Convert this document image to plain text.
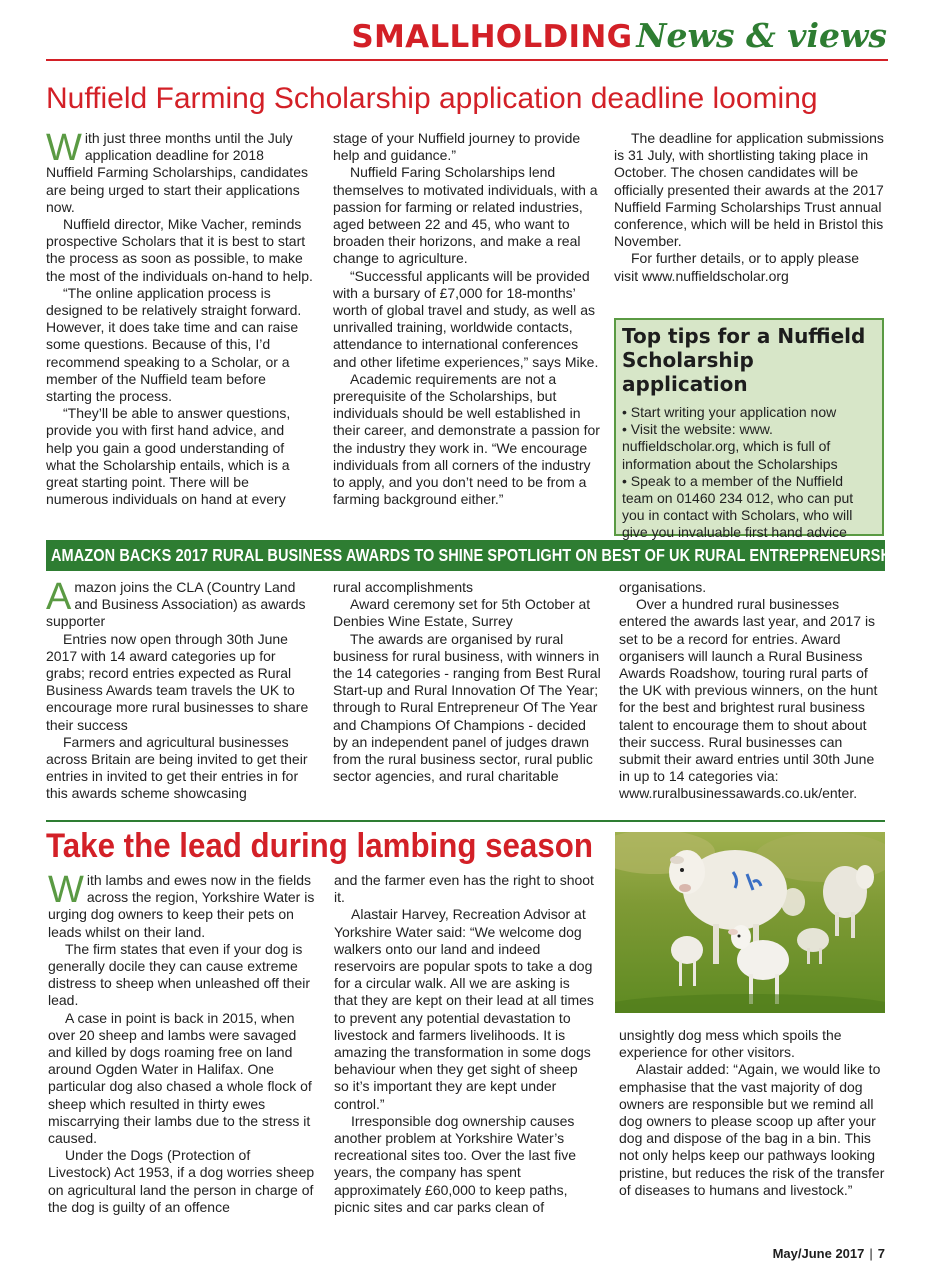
SMALLHOLDING News & views
Nuffield Farming Scholarship application deadline looming

With just three months until the July application deadline for 2018 Nuffield Farming Scholarships, candidates are being urged to start their applications now.

Nuffield director, Mike Vacher, reminds prospective Scholars that it is best to start the process as soon as possible, to make the most of the individuals on-hand to help.

“The online application process is designed to be relatively straight forward. However, it does take time and can raise some questions. Because of this, I’d recommend speaking to a Scholar, or a member of the Nuffield team before starting the process.

“They’ll be able to answer questions, provide you with first hand advice, and help you gain a good understanding of what the Scholarship entails, which is a great starting point. There will be numerous individuals on hand at every

stage of your Nuffield journey to provide help and guidance.”

Nuffield Faring Scholarships lend themselves to motivated individuals, with a passion for farming or related industries, aged between 22 and 45, who want to broaden their horizons, and make a real change to agriculture.

“Successful applicants will be provided with a bursary of £7,000 for 18-months’ worth of global travel and study, as well as unrivalled training, worldwide contacts, attendance to international conferences and other lifetime experiences,” says Mike.

Academic requirements are not a prerequisite of the Scholarships, but individuals should be well established in their career, and demonstrate a passion for the industry they work in. “We encourage individuals from all corners of the industry to apply, and you don’t need to be from a farming background either.”

The deadline for application submissions is 31 July, with shortlisting taking place in October. The chosen candidates will be officially presented their awards at the 2017 Nuffield Farming Scholarships Trust annual conference, which will be held in Bristol this November.

For further details, or to apply please visit www.nuffieldscholar.org

Top tips for a Nuffield Scholarship application

• Start writing your application now

• Visit the website: www. nuffieldscholar.org, which is full of information about the Scholarships

• Speak to a member of the Nuffield team on 01460 234 012, who can put you in contact with Scholars, who will give you invaluable first hand advice

AMAZON BACKS 2017 RURAL BUSINESS AWARDS TO SHINE SPOTLIGHT ON BEST OF UK RURAL ENTREPRENEURSHIP

Amazon joins the CLA (Country Land and Business Association) as awards supporter

Entries now open through 30th June 2017 with 14 award categories up for grabs; record entries expected as Rural Business Awards team travels the UK to encourage more rural businesses to share their success

Farmers and agricultural businesses across Britain are being invited to get their entries in invited to get their entries in for this awards scheme showcasing

rural accomplishments

Award ceremony set for 5th October at Denbies Wine Estate, Surrey

The awards are organised by rural business for rural business, with winners in the 14 categories - ranging from Best Rural Start-up and Rural Innovation Of The Year; through to Rural Entrepreneur Of The Year and Champions Of Champions - decided by an independent panel of judges drawn from the rural business sector, rural public sector agencies, and rural charitable

organisations.

Over a hundred rural businesses entered the awards last year, and 2017 is set to be a record for entries. Award organisers will launch a Rural Business Awards Roadshow, touring rural parts of the UK with previous winners, on the hunt for the best and brightest rural business talent to encourage them to shout about their success. Rural businesses can submit their award entries until 30th June in up to 14 categories via: www.ruralbusinessawards.co.uk/enter.

Take the lead during lambing season

With lambs and ewes now in the fields across the region, Yorkshire Water is urging dog owners to keep their pets on leads whilst on their land.

The firm states that even if your dog is generally docile they can cause extreme distress to sheep when unleashed off their lead.

A case in point is back in 2015, when over 20 sheep and lambs were savaged and killed by dogs roaming free on land around Ogden Water in Halifax. One particular dog also chased a whole flock of sheep which resulted in thirty ewes miscarrying their lambs due to the stress it caused.

Under the Dogs (Protection of Livestock) Act 1953, if a dog worries sheep on agricultural land the person in charge of the dog is guilty of an offence

and the farmer even has the right to shoot it.

Alastair Harvey, Recreation Advisor at Yorkshire Water said: “We welcome dog walkers onto our land and indeed reservoirs are popular spots to take a dog for a circular walk. All we are asking is that they are kept on their lead at all times to prevent any potential devastation to livestock and farmers livelihoods. It is amazing the transformation in some dogs behaviour when they get sight of sheep so it’s important they are kept under control.”

Irresponsible dog ownership causes another problem at Yorkshire Water’s recreational sites too. Over the last five years, the company has spent approximately £60,000 to keep paths, picnic sites and car parks clean of

unsightly dog mess which spoils the experience for other visitors.

Alastair added: “Again, we would like to emphasise that the vast majority of dog owners are responsible but we remind all dog owners to please scoop up after your dog and dispose of the bag in a bin. This not only helps keep our pathways looking pristine, but reduces the risk of the transfer of diseases to humans and livestock.”

May/June 2017 | 7
